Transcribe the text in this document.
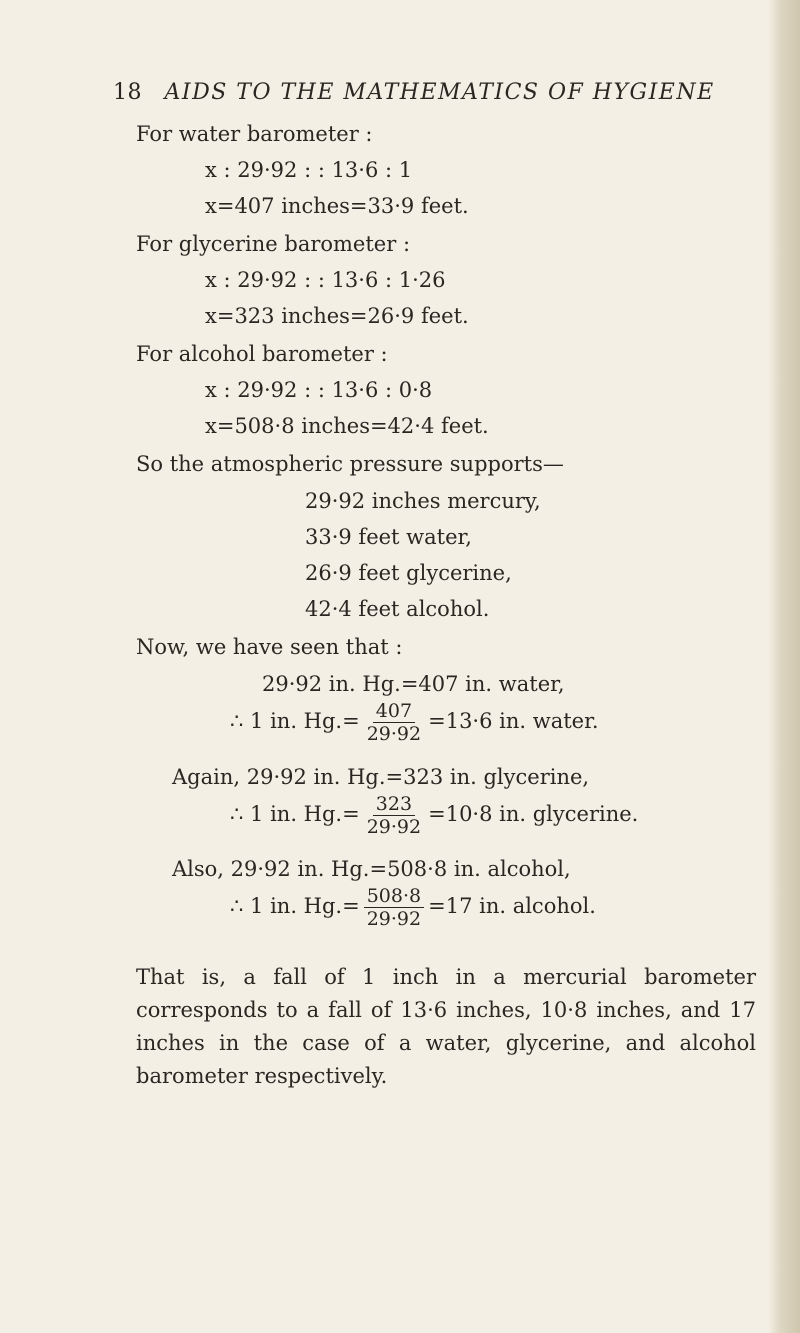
18 AIDS TO THE MATHEMATICS OF HYGIENE
For water barometer :
x : 29·92 : : 13·6 : 1
x=407 inches=33·9 feet.
For glycerine barometer :
x : 29·92 : : 13·6 : 1·26
x=323 inches=26·9 feet.
For alcohol barometer :
x : 29·92 : : 13·6 : 0·8
x=508·8 inches=42·4 feet.
So the atmospheric pressure supports—
29·92 inches mercury,
33·9 feet water,
26·9 feet glycerine,
42·4 feet alcohol.
Now, we have seen that :
29·92 in. Hg.=407 in. water,
∴ 1 in. $Hg.= \frac{407}{29\cdot 92} =13\cdot 6$ in. water.
Again, 29·92 in. Hg.=323 in. glycerine,
∴ 1 in. $Hg.= \frac{323}{29\cdot 92} =10\cdot 8$ in. glycerine.
Also, 29·92 in. Hg.=508·8 in. alcohol,
∴ 1 in. $Hg.= \frac{508\cdot 8}{29\cdot 92} =17$ in. alcohol.
That is, a fall of 1 inch in a mercurial barometer corresponds to a fall of 13·6 inches, 10·8 inches, and 17 inches in the case of a water, glycerine, and alcohol barometer respectively.
